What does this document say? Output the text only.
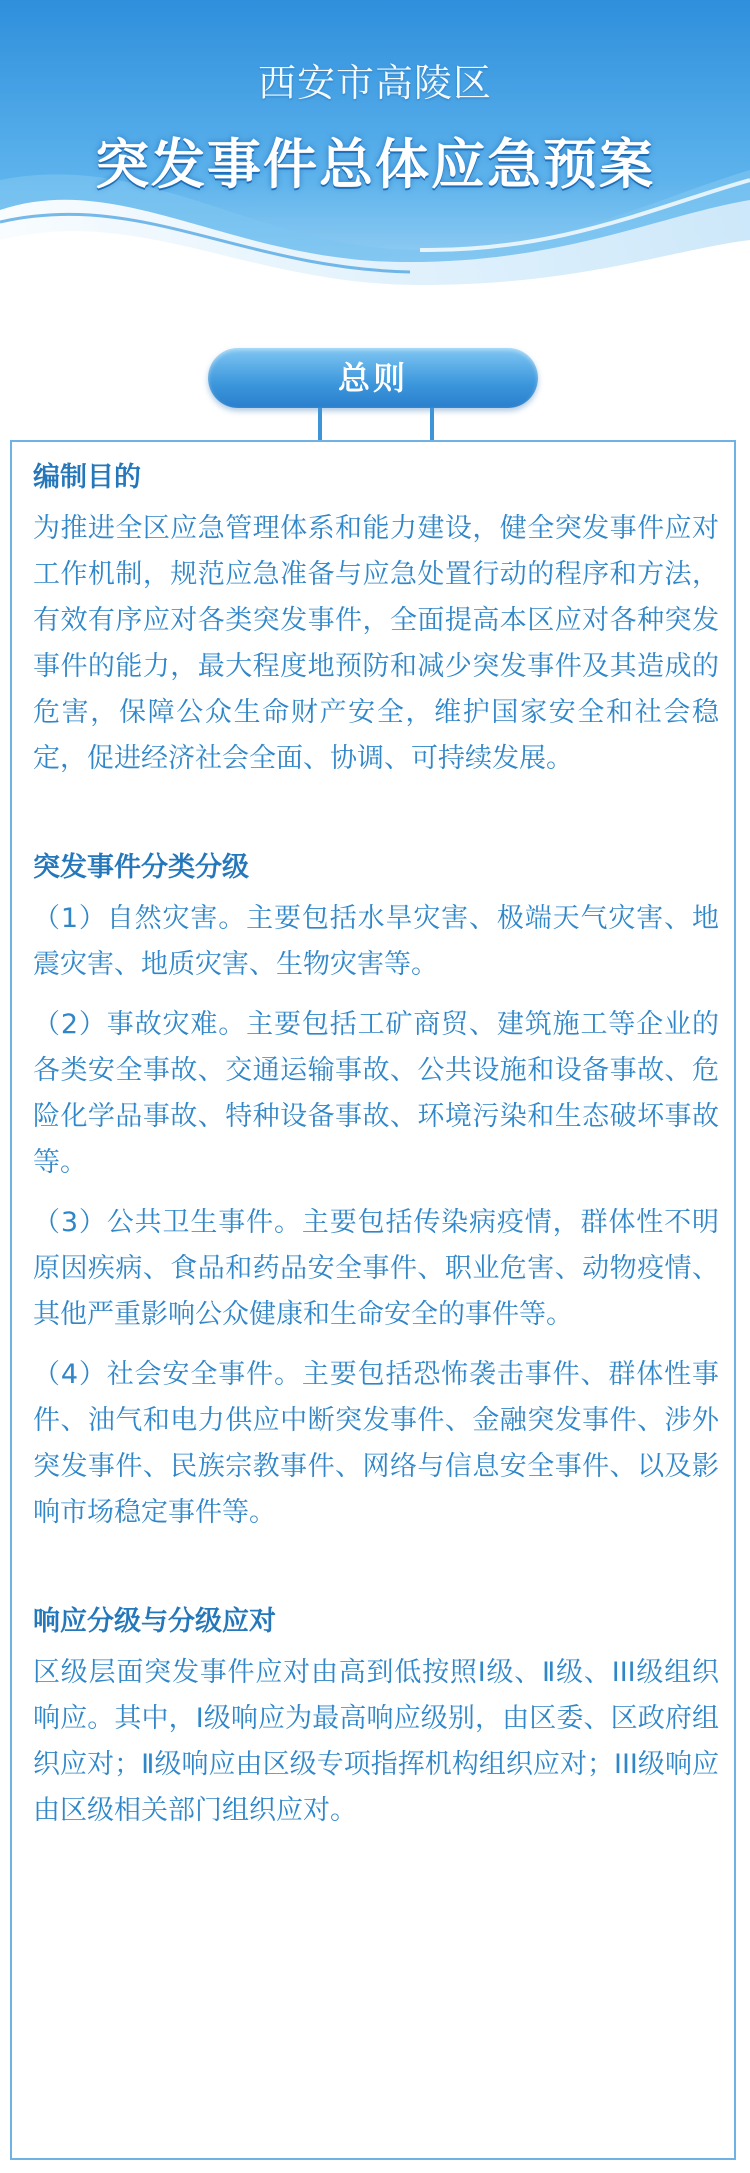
西安市高陵区
突发事件总体应急预案
总则
编制目的

为推进全区应急管理体系和能力建设，健全突发事件应对工作机制，规范应急准备与应急处置行动的程序和方法，有效有序应对各类突发事件，全面提高本区应对各种突发事件的能力，最大程度地预防和减少突发事件及其造成的危害，保障公众生命财产安全，维护国家安全和社会稳定，促进经济社会全面、协调、可持续发展。

突发事件分类分级

（1）自然灾害。主要包括水旱灾害、极端天气灾害、地震灾害、地质灾害、生物灾害等。

（2）事故灾难。主要包括工矿商贸、建筑施工等企业的各类安全事故、交通运输事故、公共设施和设备事故、危险化学品事故、特种设备事故、环境污染和生态破坏事故等。

（3）公共卫生事件。主要包括传染病疫情，群体性不明原因疾病、食品和药品安全事件、职业危害、动物疫情、其他严重影响公众健康和生命安全的事件等。

（4）社会安全事件。主要包括恐怖袭击事件、群体性事件、油气和电力供应中断突发事件、金融突发事件、涉外突发事件、民族宗教事件、网络与信息安全事件、以及影响市场稳定事件等。

响应分级与分级应对

区级层面突发事件应对由高到低按照I级、Ⅱ级、III级组织响应。其中，I级响应为最高响应级别，由区委、区政府组织应对；Ⅱ级响应由区级专项指挥机构组织应对；III级响应由区级相关部门组织应对。
